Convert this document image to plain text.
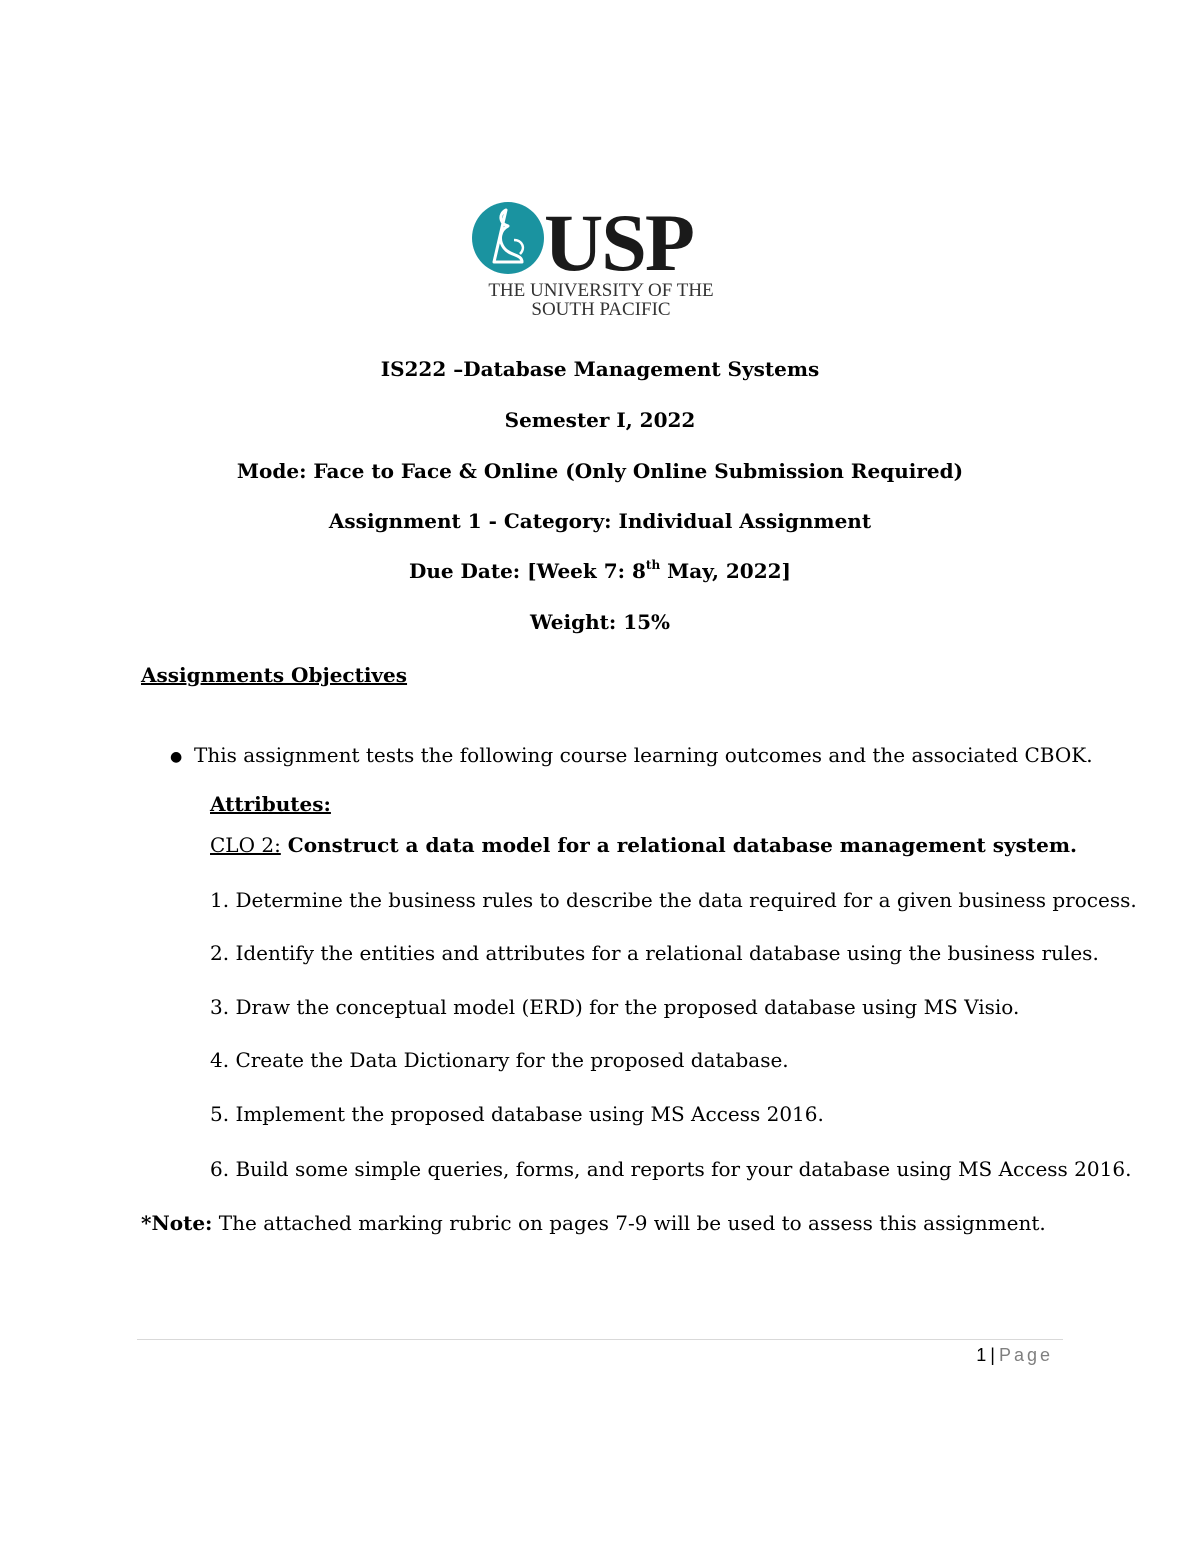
USP
THE UNIVERSITY OF THE
SOUTH PACIFIC
IS222 –Database Management Systems
Semester I, 2022
Mode: Face to Face & Online (Only Online Submission Required)
Assignment 1 - Category: Individual Assignment
Due Date: [Week 7: 8th May, 2022]
Weight: 15%
Assignments Objectives
● This assignment tests the following course learning outcomes and the associated CBOK.
Attributes:
CLO 2: Construct a data model for a relational database management system.
1. Determine the business rules to describe the data required for a given business process.
2. Identify the entities and attributes for a relational database using the business rules.
3. Draw the conceptual model (ERD) for the proposed database using MS Visio.
4. Create the Data Dictionary for the proposed database.
5. Implement the proposed database using MS Access 2016.
6. Build some simple queries, forms, and reports for your database using MS Access 2016.
*Note: The attached marking rubric on pages 7-9 will be used to assess this assignment.
1 | Page
